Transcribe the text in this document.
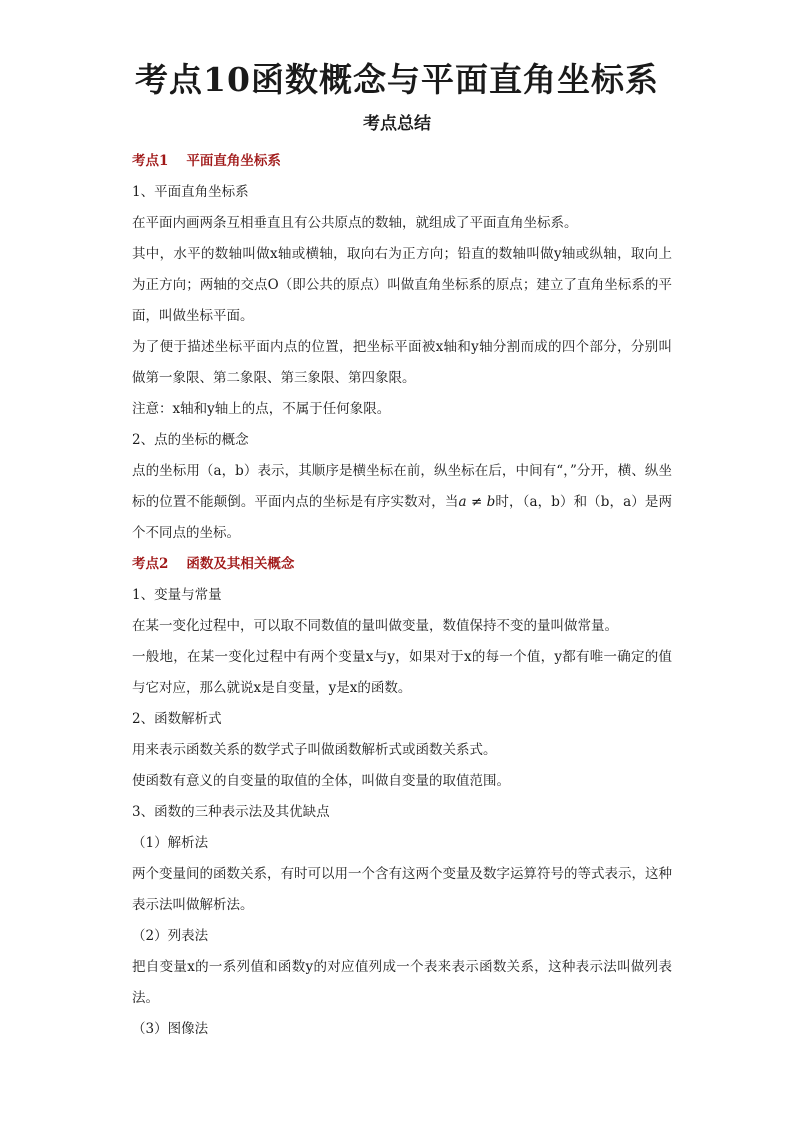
考点10函数概念与平面直角坐标系
考点总结

考点1 平面直角坐标系

1、平面直角坐标系

在平面内画两条互相垂直且有公共原点的数轴，就组成了平面直角坐标系。

其中，水平的数轴叫做x轴或横轴，取向右为正方向；铅直的数轴叫做y轴或纵轴，取向上为正方向；两轴的交点O（即公共的原点）叫做直角坐标系的原点；建立了直角坐标系的平面，叫做坐标平面。

为了便于描述坐标平面内点的位置，把坐标平面被x轴和y轴分割而成的四个部分，分别叫做第一象限、第二象限、第三象限、第四象限。

注意：x轴和y轴上的点，不属于任何象限。

2、点的坐标的概念

点的坐标用（a，b）表示，其顺序是横坐标在前，纵坐标在后，中间有“，”分开，横、纵坐标的位置不能颠倒。平面内点的坐标是有序实数对，当a ≠ b时，（a，b）和（b，a）是两个不同点的坐标。

考点2 函数及其相关概念

1、变量与常量

在某一变化过程中，可以取不同数值的量叫做变量，数值保持不变的量叫做常量。

一般地，在某一变化过程中有两个变量x与y，如果对于x的每一个值，y都有唯一确定的值与它对应，那么就说x是自变量，y是x的函数。

2、函数解析式

用来表示函数关系的数学式子叫做函数解析式或函数关系式。

使函数有意义的自变量的取值的全体，叫做自变量的取值范围。

3、函数的三种表示法及其优缺点

（1）解析法

两个变量间的函数关系，有时可以用一个含有这两个变量及数字运算符号的等式表示，这种表示法叫做解析法。

（2）列表法

把自变量x的一系列值和函数y的对应值列成一个表来表示函数关系，这种表示法叫做列表法。

（3）图像法
